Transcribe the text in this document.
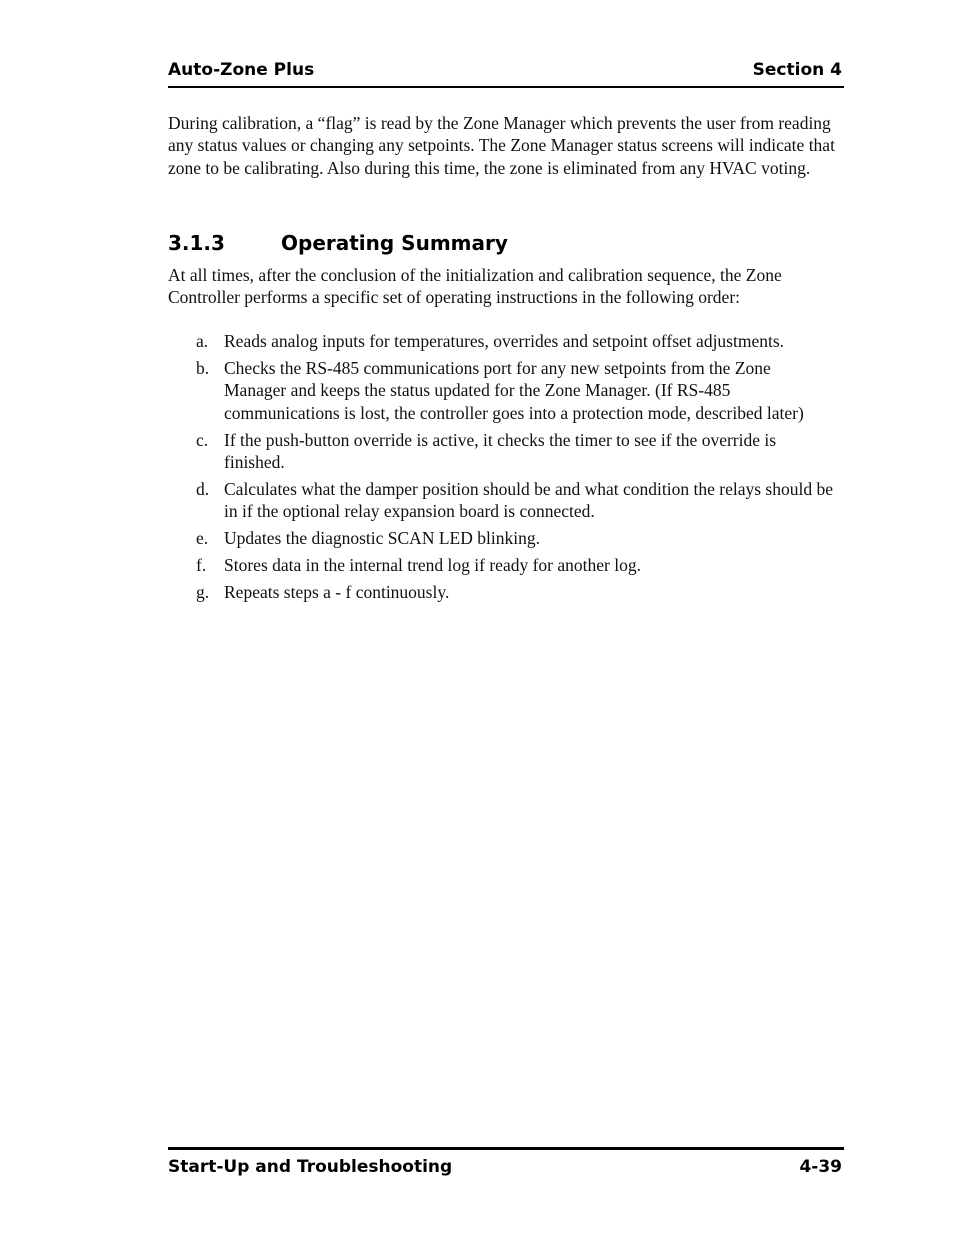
Auto-Zone Plus	Section 4

During calibration, a “flag” is read by the Zone Manager which prevents the user from reading any status values or changing any setpoints. The Zone Manager status screens will indicate that zone to be calibrating. Also during this time, the zone is eliminated from any HVAC voting.

3.1.3	Operating Summary

At all times, after the conclusion of the initialization and calibration sequence, the Zone Controller performs a specific set of operating instructions in the following order:

a. Reads analog inputs for temperatures, overrides and setpoint offset adjustments.
b. Checks the RS-485 communications port for any new setpoints from the Zone Manager and keeps the status updated for the Zone Manager. (If RS-485 communications is lost, the controller goes into a protection mode, described later)
c. If the push-button override is active, it checks the timer to see if the override is finished.
d. Calculates what the damper position should be and what condition the relays should be in if the optional relay expansion board is connected.
e. Updates the diagnostic SCAN LED blinking.
f. Stores data in the internal trend log if ready for another log.
g. Repeats steps a - f continuously.
Start-Up and Troubleshooting	4-39
